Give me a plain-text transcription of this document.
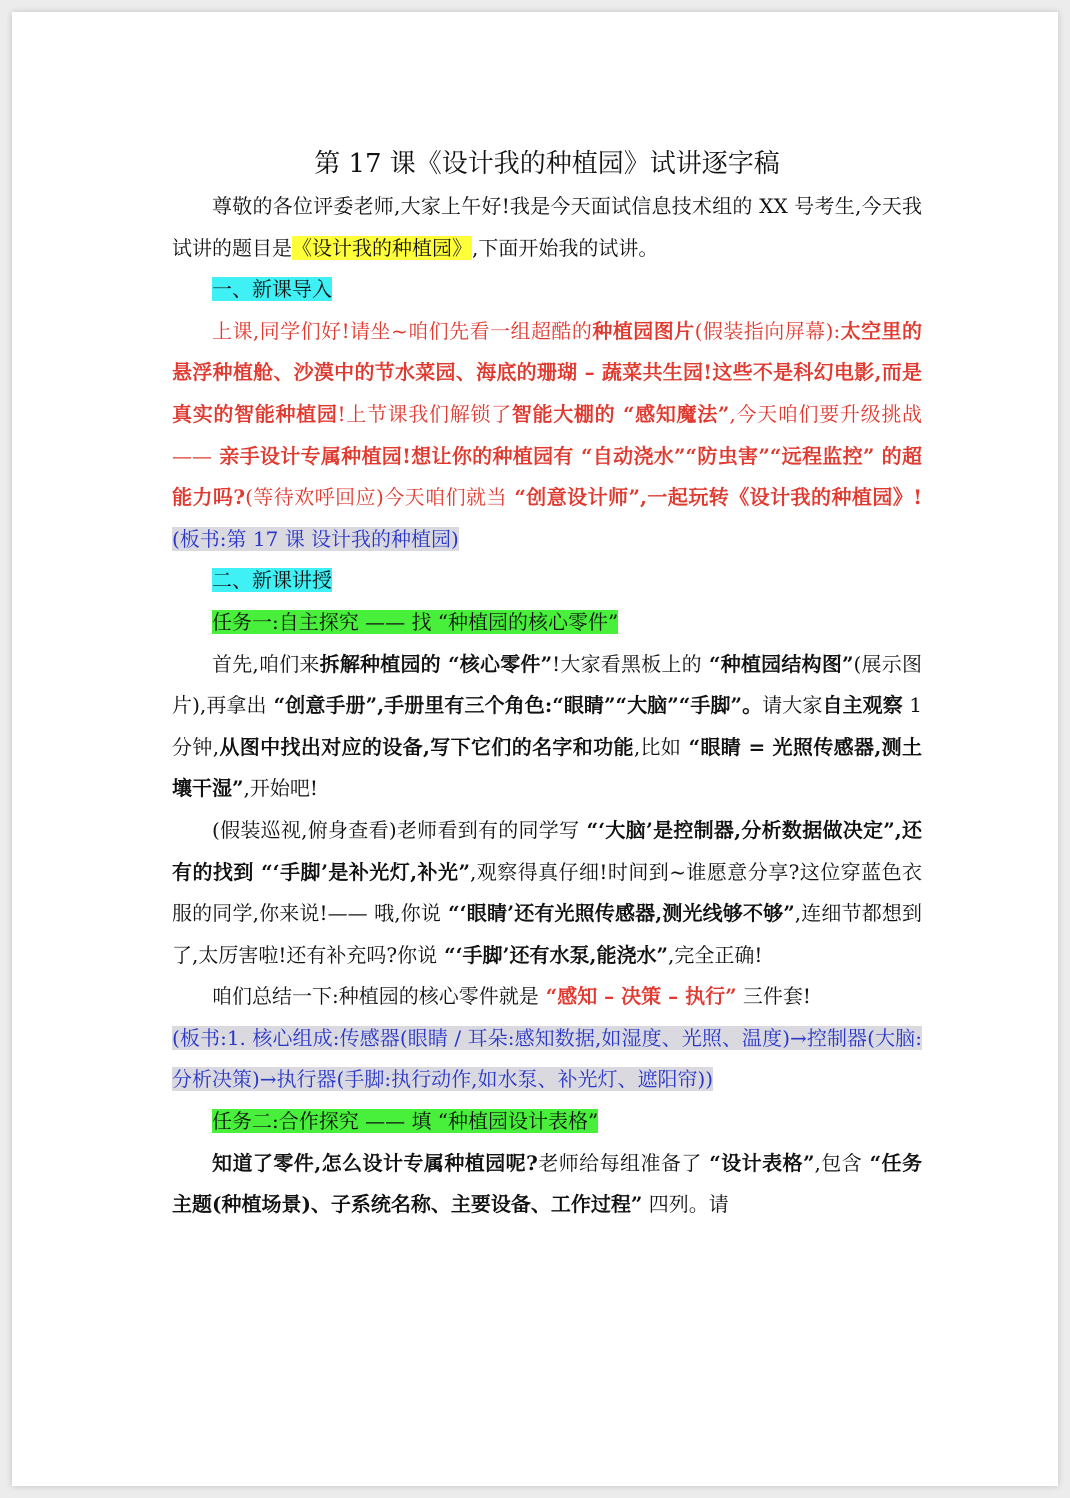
第 17 课《设计我的种植园》试讲逐字稿

尊敬的各位评委老师,大家上午好!我是今天面试信息技术组的 XX 号考生,今天我试讲的题目是《设计我的种植园》,下面开始我的试讲。

一、新课导入

上课,同学们好!请坐~咱们先看一组超酷的种植园图片(假装指向屏幕):太空里的悬浮种植舱、沙漠中的节水菜园、海底的珊瑚 – 蔬菜共生园!这些不是科幻电影,而是真实的智能种植园!上节课我们解锁了智能大棚的 “感知魔法”,今天咱们要升级挑战 —— 亲手设计专属种植园!想让你的种植园有 “自动浇水”“防虫害”“远程监控” 的超能力吗?(等待欢呼回应)今天咱们就当 “创意设计师”,一起玩转《设计我的种植园》!(板书:第 17 课 设计我的种植园)

二、新课讲授

任务一:自主探究 —— 找 “种植园的核心零件”

首先,咱们来拆解种植园的 “核心零件”!大家看黑板上的 “种植园结构图”(展示图片),再拿出 “创意手册”,手册里有三个角色:“眼睛”“大脑”“手脚”。请大家自主观察 1 分钟,从图中找出对应的设备,写下它们的名字和功能,比如 “眼睛 = 光照传感器,测土壤干湿”,开始吧!

(假装巡视,俯身查看)老师看到有的同学写 “‘大脑’是控制器,分析数据做决定”,还有的找到 “‘手脚’是补光灯,补光”,观察得真仔细!时间到~谁愿意分享?这位穿蓝色衣服的同学,你来说!—— 哦,你说 “‘眼睛’还有光照传感器,测光线够不够”,连细节都想到了,太厉害啦!还有补充吗?你说 “‘手脚’还有水泵,能浇水”,完全正确!

咱们总结一下:种植园的核心零件就是 “感知 – 决策 – 执行” 三件套!

(板书:1. 核心组成:传感器(眼睛 / 耳朵:感知数据,如湿度、光照、温度)→控制器(大脑:分析决策)→执行器(手脚:执行动作,如水泵、补光灯、遮阳帘))

任务二:合作探究 —— 填 “种植园设计表格”

知道了零件,怎么设计专属种植园呢?老师给每组准备了 “设计表格”,包含 “任务主题(种植场景)、子系统名称、主要设备、工作过程” 四列。请
